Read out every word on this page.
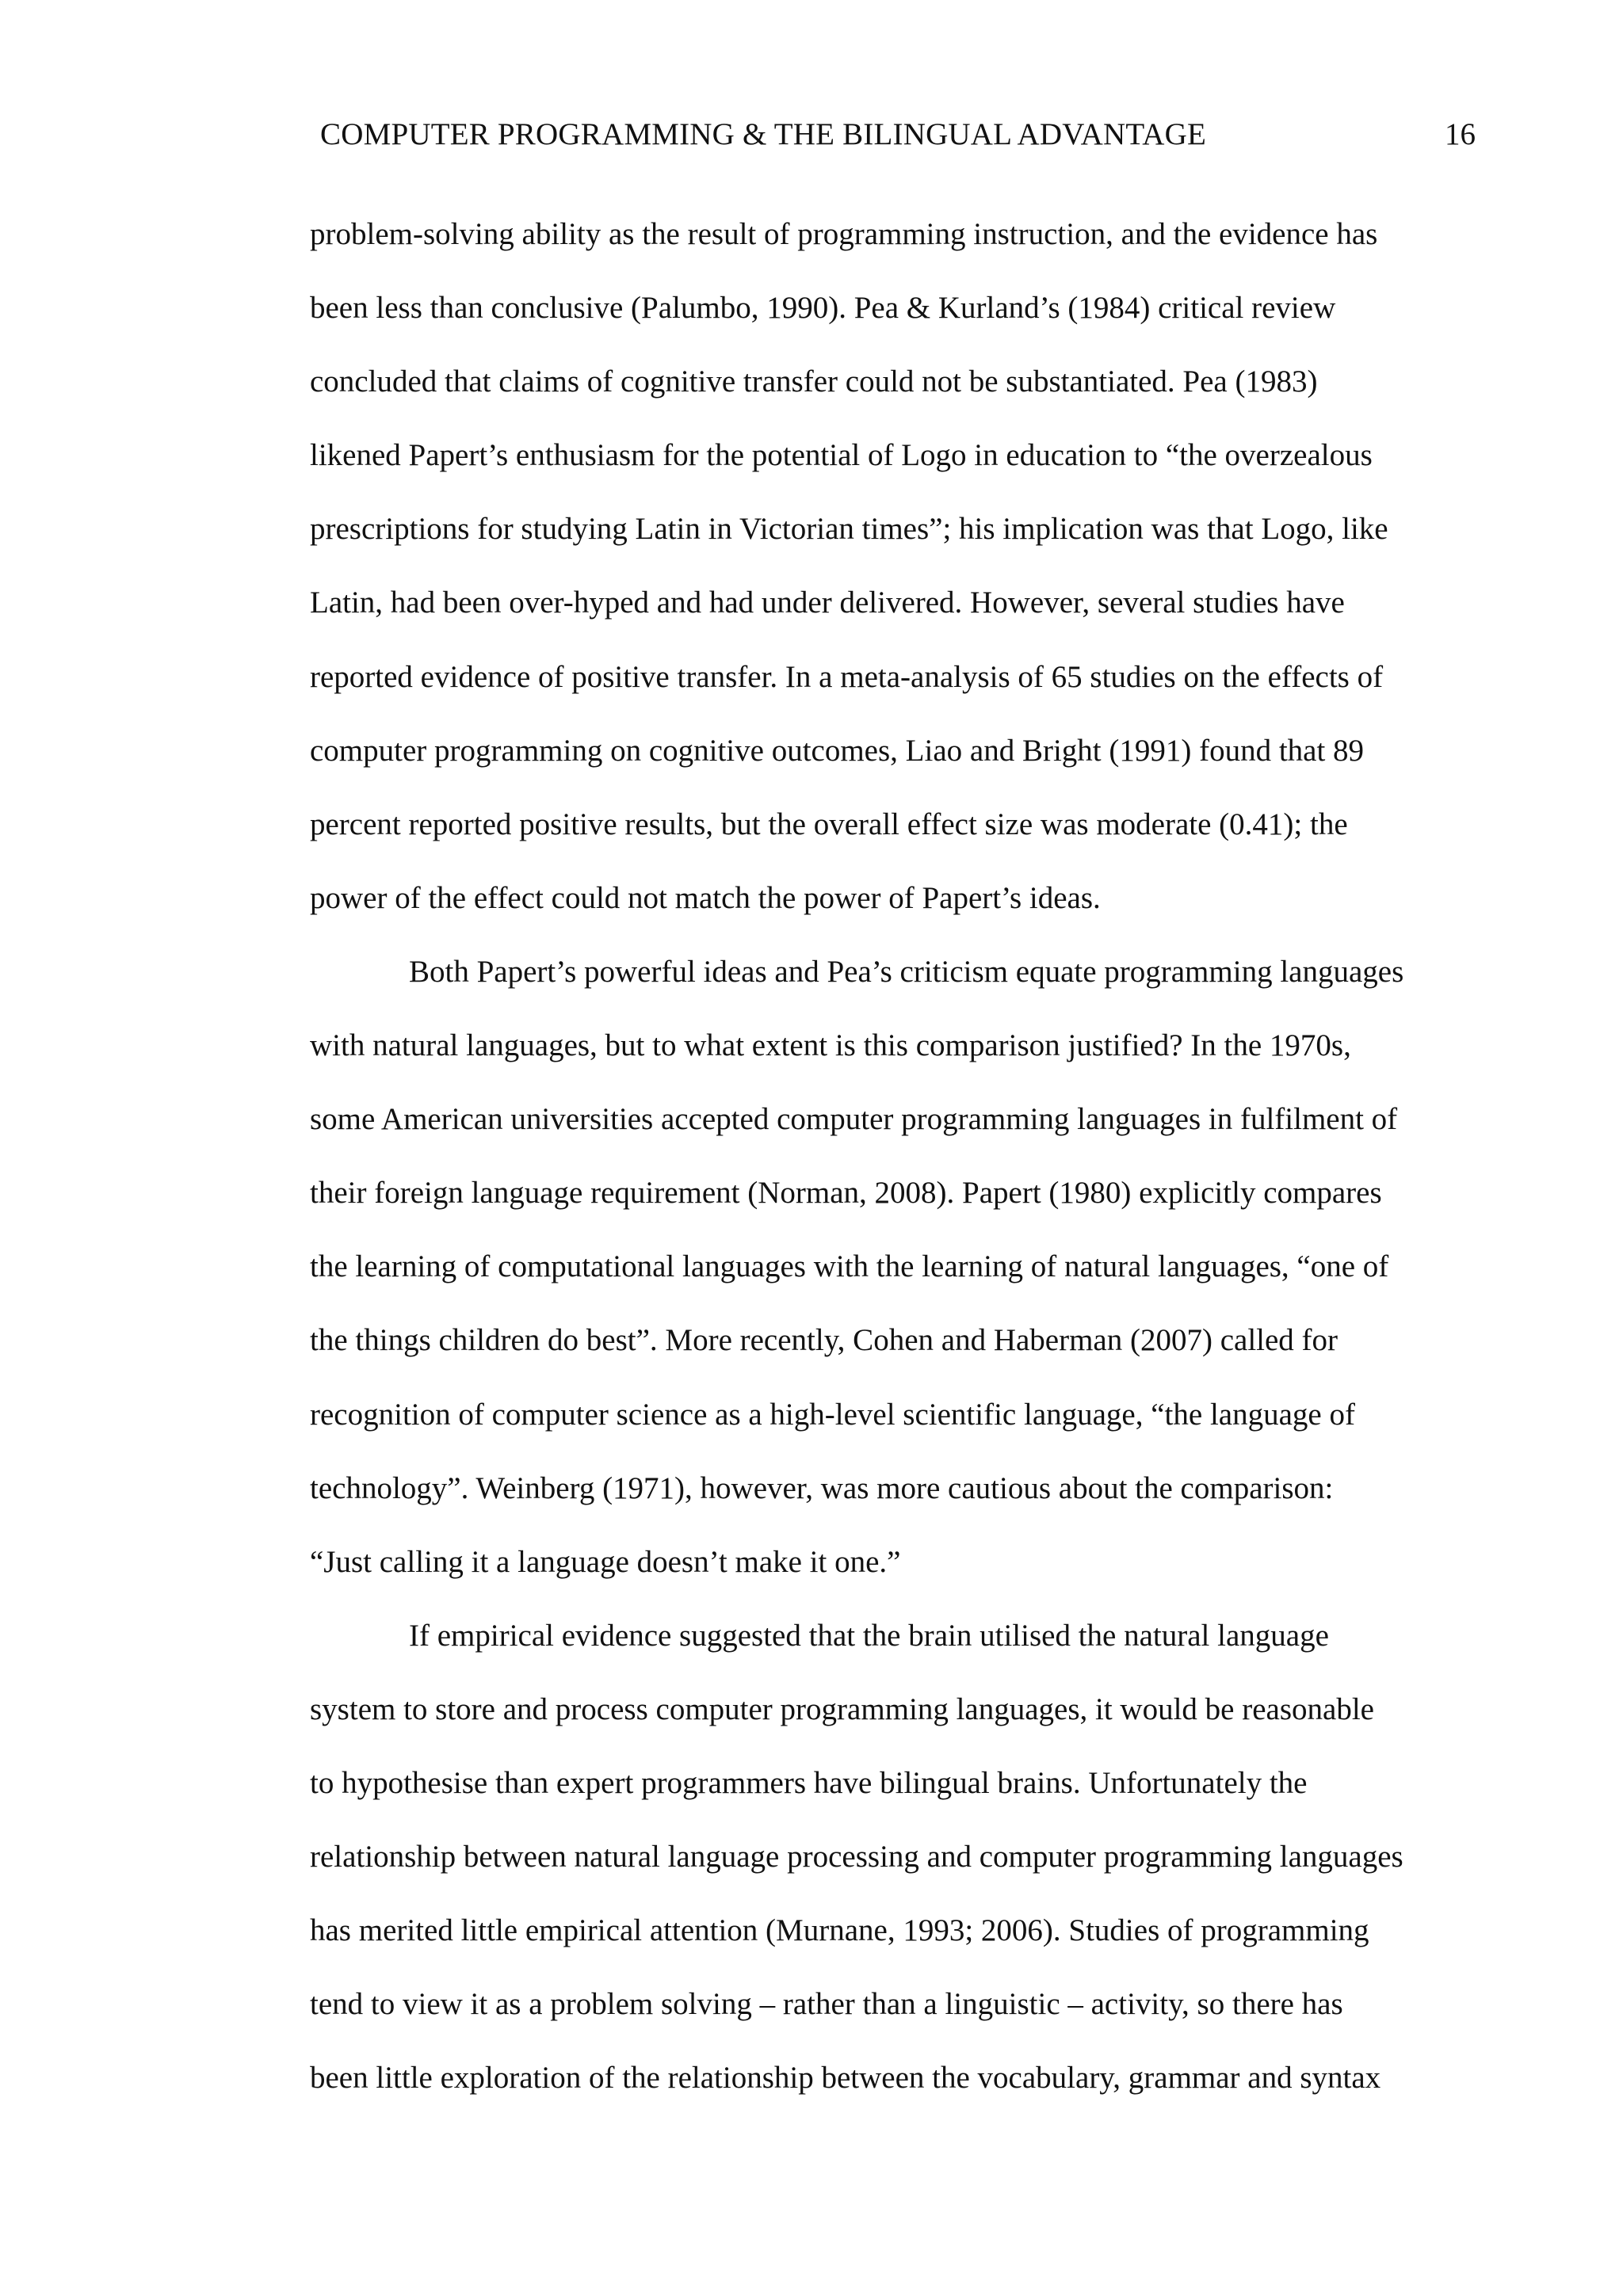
COMPUTER PROGRAMMING & THE BILINGUAL ADVANTAGE	16
problem-solving ability as the result of programming instruction, and the evidence has
been less than conclusive (Palumbo, 1990). Pea & Kurland’s (1984) critical review
concluded that claims of cognitive transfer could not be substantiated. Pea (1983)
likened Papert’s enthusiasm for the potential of Logo in education to “the overzealous
prescriptions for studying Latin in Victorian times”; his implication was that Logo, like
Latin, had been over-hyped and had under delivered. However, several studies have
reported evidence of positive transfer. In a meta-analysis of 65 studies on the effects of
computer programming on cognitive outcomes, Liao and Bright (1991) found that 89
percent reported positive results, but the overall effect size was moderate (0.41); the
power of the effect could not match the power of Papert’s ideas.
Both Papert’s powerful ideas and Pea’s criticism equate programming languages
with natural languages, but to what extent is this comparison justified? In the 1970s,
some American universities accepted computer programming languages in fulfilment of
their foreign language requirement (Norman, 2008). Papert (1980) explicitly compares
the learning of computational languages with the learning of natural languages, “one of
the things children do best”. More recently, Cohen and Haberman (2007) called for
recognition of computer science as a high-level scientific language, “the language of
technology”. Weinberg (1971), however, was more cautious about the comparison:
“Just calling it a language doesn’t make it one.”
If empirical evidence suggested that the brain utilised the natural language
system to store and process computer programming languages, it would be reasonable
to hypothesise than expert programmers have bilingual brains. Unfortunately the
relationship between natural language processing and computer programming languages
has merited little empirical attention (Murnane, 1993; 2006). Studies of programming
tend to view it as a problem solving – rather than a linguistic – activity, so there has
been little exploration of the relationship between the vocabulary, grammar and syntax
